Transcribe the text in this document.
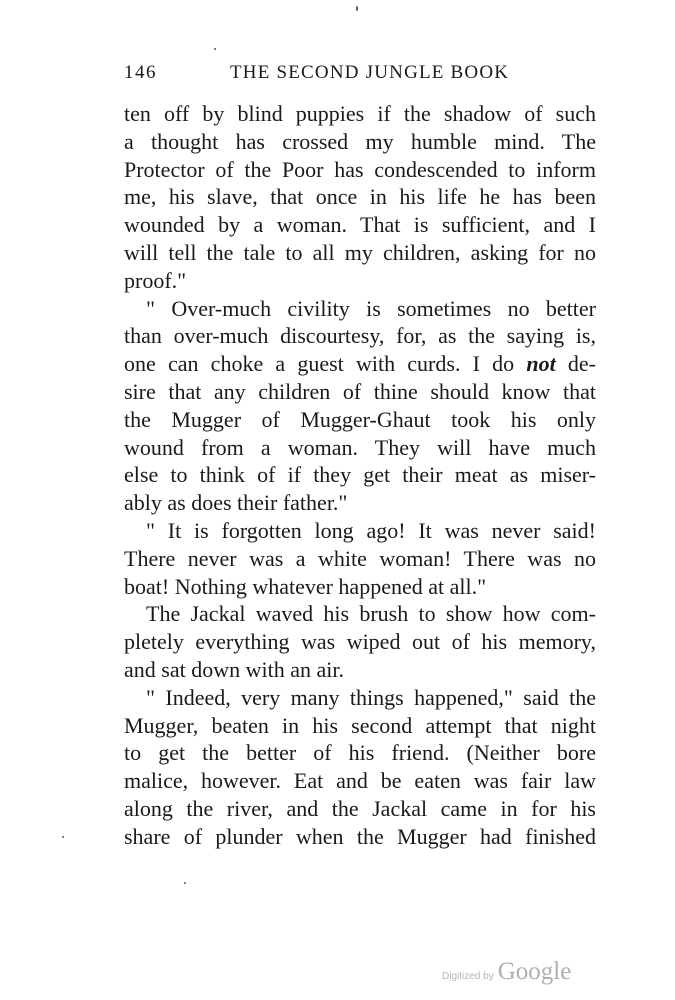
146	THE SECOND JUNGLE BOOK
ten off by blind puppies if the shadow of such
a thought has crossed my humble mind. The
Protector of the Poor has condescended to inform
me, his slave, that once in his life he has been
wounded by a woman. That is sufficient, and I
will tell the tale to all my children, asking for no
proof."
" Over-much civility is sometimes no better
than over-much discourtesy, for, as the saying is,
one can choke a guest with curds. I do not de-
sire that any children of thine should know that
the Mugger of Mugger-Ghaut took his only
wound from a woman. They will have much
else to think of if they get their meat as miser-
ably as does their father."
" It is forgotten long ago! It was never said!
There never was a white woman! There was no
boat! Nothing whatever happened at all."
The Jackal waved his brush to show how com-
pletely everything was wiped out of his memory,
and sat down with an air.
" Indeed, very many things happened," said the
Mugger, beaten in his second attempt that night
to get the better of his friend. (Neither bore
malice, however. Eat and be eaten was fair law
along the river, and the Jackal came in for his
share of plunder when the Mugger had finished
Digitized by Google
